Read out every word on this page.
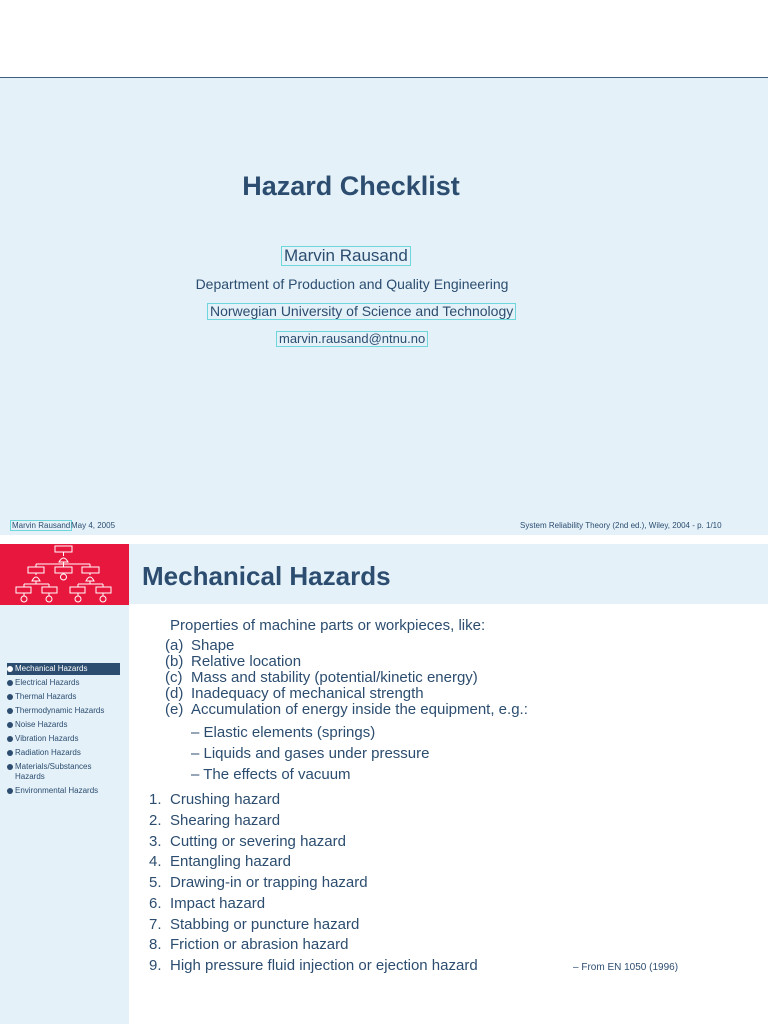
Hazard Checklist
Marvin Rausand
Department of Production and Quality Engineering
Norwegian University of Science and Technology
marvin.rausand@ntnu.no
Marvin Rausand May 4, 2005	System Reliability Theory (2nd ed.), Wiley, 2004 - p. 1/10
Mechanical Hazards
Mechanical Hazards
Electrical Hazards
Thermal Hazards
Thermodynamic Hazards
Noise Hazards
Vibration Hazards
Radiation Hazards
Materials/Substances Hazards
Environmental Hazards
Properties of machine parts or workpieces, like:
(a) Shape
(b) Relative location
(c) Mass and stability (potential/kinetic energy)
(d) Inadequacy of mechanical strength
(e) Accumulation of energy inside the equipment, e.g.:
– Elastic elements (springs)
– Liquids and gases under pressure
– The effects of vacuum
1. Crushing hazard
2. Shearing hazard
3. Cutting or severing hazard
4. Entangling hazard
5. Drawing-in or trapping hazard
6. Impact hazard
7. Stabbing or puncture hazard
8. Friction or abrasion hazard
9. High pressure fluid injection or ejection hazard	– From EN 1050 (1996)
